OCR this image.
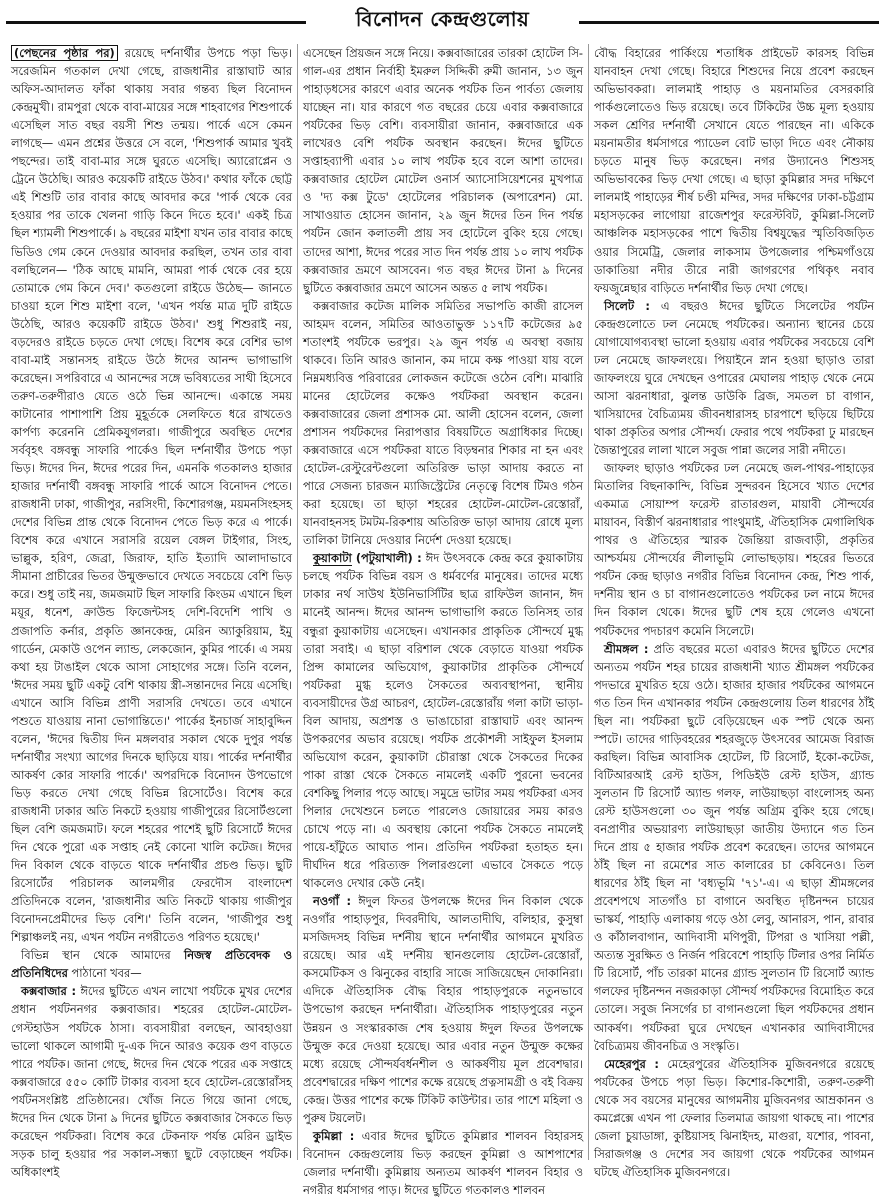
বিনোদন কেন্দ্রগুলোয়

(পেছনের পৃষ্ঠার পর) রয়েছে দর্শনার্থীর উপচে পড়া ভিড়। সরেজমিন গতকাল দেখা গেছে, রাজধানীর রাস্তাঘাট আর অফিস-আদালত ফাঁকা থাকায় সবার গন্তব্য ছিল বিনোদন কেন্দ্রমুখী। রামপুরা থেকে বাবা-মায়ের সঙ্গে শাহবাগের শিশুপার্কে এসেছিল সাত বছর বয়সী শিশু তন্ময়। পার্কে এসে কেমন লাগছে— এমন প্রশ্নের উত্তরে সে বলে, 'শিশুপার্ক আমার খুবই পছন্দের। তাই বাবা-মার সঙ্গে ঘুরতে এসেছি। অ্যারোপ্লেন ও ট্রেনে উঠেছি। আরও কয়েকটি রাইডে উঠব।' কথার ফাঁকে ছোট্ট এই শিশুটি তার বাবার কাছে আবদার করে 'পার্ক থেকে বের হওয়ার পর তাকে খেলনা গাড়ি কিনে দিতে হবে।' একই চিত্র ছিল শ্যামলী শিশুপার্কে। ৯ বছরের মাইশা যখন তার বাবার কাছে ভিডিও গেম কেনে দেওয়ার আবদার করছিল, তখন তার বাবা বলছিলেন— 'ঠিক আছে মামনি, আমরা পার্ক থেকে বের হয়ে তোমাকে গেম কিনে দেব।' কতগুলো রাইডে উঠেছ— জানতে চাওয়া হলে শিশু মাইশা বলে, 'এখন পর্যন্ত মাত্র দুটি রাইডে উঠেছি, আরও কয়েকটি রাইডে উঠব।' শুধু শিশুরাই নয়, বড়দেরও রাইডে চড়তে দেখা গেছে। বিশেষ করে বেশির ভাগ বাবা-মাই সন্তানসহ রাইডে উঠে ঈদের আনন্দ ভাগাভাগি করেছেন। সপরিবারে এ আনন্দের সঙ্গে ভবিষ্যতের সাথী হিসেবে তরুণ-তরুণীরাও যেতে ওঠে ভিন্ন আনন্দে। একান্তে সময় কাটানোর পাশাপাশি প্রিয় মুহূর্তকে সেলফিতে ধরে রাখতেও কার্পণ্য করেননি প্রেমিকযুগলরা। গাজীপুরে অবস্থিত দেশের সর্ববৃহৎ বঙ্গবন্ধু সাফারি পার্কেও ছিল দর্শনার্থীর উপচে পড়া ভিড়। ঈদের দিন, ঈদের পরের দিন, এমনকি গতকালও হাজার হাজার দর্শনার্থী বঙ্গবন্ধু সাফারি পার্কে আসে বিনোদন পেতে। রাজধানী ঢাকা, গাজীপুর, নরসিংদী, কিশোরগঞ্জ, ময়মনসিংহসহ দেশের বিভিন্ন প্রান্ত থেকে বিনোদন পেতে ভিড় করে এ পার্কে। বিশেষ করে এখানে সরাসরি রয়েল বেঙ্গল টাইগার, সিংহ, ভাল্লুক, হরিণ, জেব্রা, জিরাফ, হাতি ইত্যাদি আলাদাভাবে সীমানা প্রাচীরের ভিতর উন্মুক্তভাবে দেখতে সবচেয়ে বেশি ভিড় করে। শুধু তাই নয়, জমজমাট ছিল সাফারি কিংডম এখানে ছিল ময়ূর, ধনেশ, ক্রাউন্ড ফিজেন্টসহ দেশি-বিদেশি পাখি ও প্রজাপতি কর্নার, প্রকৃতি জ্ঞানকেন্দ্র, মেরিন অ্যাকুরিয়াম, ইমু গার্ডেন, মেকাউ ওপেন ল্যান্ড, লেকজোন, কুমির পার্কে। এ সময় কথা হয় টাঙাইল থেকে আসা সোহাগের সঙ্গে। তিনি বলেন, 'ঈদের সময় ছুটি একটু বেশি থাকায় স্ত্রী-সন্তানদের নিয়ে এসেছি। এখানে আসি বিভিন্ন প্রাণী সরাসরি দেখতে। তবে এখানে পশুতে যাওয়ায় নানা ভোগান্তিতে।' পার্কের ইনচার্জ সাহাবুদ্দিন বলেন, 'ঈদের দ্বিতীয় দিন মঙ্গলবার সকাল থেকে দুপুর পর্যন্ত দর্শনার্থীর সংখ্যা আগের দিনকে ছাড়িয়ে যায়। পার্কের দর্শনার্থীর আকর্ষণ কোর সাফারি পার্কে।' অপরদিকে বিনোদন উপভোগে ভিড় করতে দেখা গেছে বিভিন্ন রিসোর্টেও। বিশেষ করে রাজধানী ঢাকার অতি নিকটে হওয়ায় গাজীপুরের রিসোর্টগুলো ছিল বেশি জমজমাট। ফলে শহরের পাশেই ছুটি রিসোর্টে ঈদের দিন থেকে পুরো এক সপ্তাহ নেই কোনো খালি কটেজ। ঈদের দিন বিকাল থেকে বাড়তে থাকে দর্শনার্থীর প্রচণ্ড ভিড়। ছুটি রিসোর্টের পরিচালক আলমগীর ফেরদৌস বাংলাদেশ প্রতিদিনকে বলেন, 'রাজধানীর অতি নিকটে থাকায় গাজীপুর বিনোদনপ্রেমীদের ভিড় বেশি।' তিনি বলেন, 'গাজীপুর শুধু শিল্পাঞ্চলই নয়, এখন পর্যটন নগরীতেও পরিণত হয়েছে।'

বিভিন্ন স্থান থেকে আমাদের নিজস্ব প্রতিবেদক ও প্রতিনিধিদের পাঠানো খবর—

কক্সবাজার : ঈদের ছুটিতে এখন লাখো পর্যটকে মুখর দেশের প্রধান পর্যটননগর কক্সবাজার। শহরের হোটেল-মোটেল-গেস্টহাউস পর্যটকে ঠাসা। ব্যবসায়ীরা বলছেন, আবহাওয়া ভালো থাকলে আগামী দু-এক দিনে আরও কয়েক গুণ বাড়তে পারে পর্যটক। জানা গেছে, ঈদের দিন থেকে পরের এক সপ্তাহে কক্সবাজারে ৫৫০ কোটি টাকার ব্যবসা হবে হোটেল-রেস্তোরাঁসহ পর্যটনসংশ্লিষ্ট প্রতিষ্ঠানের। খোঁজ নিতে গিয়ে জানা গেছে, ঈদের দিন থেকে টানা ৯ দিনের ছুটিতে কক্সবাজার সৈকতে ভিড় করেছেন পর্যটকরা। বিশেষ করে টেকনাফ পর্যন্ত মেরিন ড্রাইভ সড়ক চালু হওয়ার পর সকাল-সন্ধ্যা ছুটে বেড়াচ্ছেন পর্যটক। অধিকাংশই

এসেছেন প্রিয়জন সঙ্গে নিয়ে। কক্সবাজারের তারকা হোটেল সি-গাল-এর প্রধান নির্বাহী ইমরুল সিদ্দিকী রুমী জানান, ১৩ জুন পাহাড়ধসের কারণে এবার অনেক পর্যটক তিন পার্বত্য জেলায় যাচ্ছেন না। যার কারণে গত বছরের চেয়ে এবার কক্সবাজারে পর্যটকের ভিড় বেশি। ব্যবসায়ীরা জানান, কক্সবাজারে এক লাখেরও বেশি পর্যটক অবস্থান করছেন। ঈদের ছুটিতে সপ্তাহব্যাপী এবার ১০ লাখ পর্যটক হবে বলে আশা তাদের। কক্সবাজার হোটেল মোটেল ওনার্স অ্যাসোসিয়েশনের মুখপাত্র ও 'দ্য কক্স টুডে' হোটেলের পরিচালক (অপারেশন) মো. সাখাওয়াত হোসেন জানান, ২৯ জুন ঈদের তিন দিন পর্যন্ত পর্যটন জোন কলাতলী প্রায় সব হোটেলে বুকিং হয়ে গেছে। তাদের আশা, ঈদের পরের সাত দিন পর্যন্ত প্রায় ১০ লাখ পর্যটক কক্সবাজার ভ্রমণে আসবেন। গত বছর ঈদের টানা ৯ দিনের ছুটিতে কক্সবাজার ভ্রমণে আসেন অন্তত ৫ লাখ পর্যটক।

কক্সবাজার কটেজ মালিক সমিতির সভাপতি কাজী রাসেল আহমদ বলেন, সমিতির আওতাভুক্ত ১১৭টি কটেজের ৯৫ শতাংশই পর্যটকে ভরপুর। ২৯ জুন পর্যন্ত এ অবস্থা বজায় থাকবে। তিনি আরও জানান, কম দামে কক্ষ পাওয়া যায় বলে নিম্নমধ্যবিত্ত পরিবারের লোকজন কটেজে ওঠেন বেশি। মাঝারি মানের হোটেলের কক্ষেও পর্যটকরা অবস্থান করেন। কক্সবাজারের জেলা প্রশাসক মো. আলী হোসেন বলেন, জেলা প্রশাসন পর্যটকদের নিরাপত্তার বিষয়টিতে অগ্রাধিকার দিচ্ছে। কক্সবাজারে এসে পর্যটকরা যাতে বিড়ম্বনার শিকার না হন এবং হোটেল-রেস্টুরেন্টগুলো অতিরিক্ত ভাড়া আদায় করতে না পারে সেজন্য চারজন ম্যাজিস্ট্রেটের নেতৃত্বে বিশেষ টিমও গঠন করা হয়েছে। তা ছাড়া শহরের হোটেল-মোটেল-রেস্তোরাঁ, যানবাহনসহ টমটম-রিকশায় অতিরিক্ত ভাড়া আদায় রোধে মূল্য তালিকা টানিয়ে দেওয়ার নির্দেশ দেওয়া হয়েছে।

কুয়াকাটা (পটুয়াখালী) : ঈদ উৎসবকে কেন্দ্র করে কুয়াকাটায় চলছে পর্যটক বিভিন্ন বয়স ও ধর্মবর্ণের মানুষের। তাদের মধ্যে ঢাকার নর্থ সাউথ ইউনিভার্সিটির ছাত্র রাফিউল জানান, ঈদ মানেই আনন্দ। ঈদের আনন্দ ভাগাভাগি করতে তিনিসহ তার বন্ধুরা কুয়াকাটায় এসেছেন। এখানকার প্রাকৃতিক সৌন্দর্যে মুগ্ধ তারা সবাই। এ ছাড়া বরিশাল থেকে বেড়াতে যাওয়া পর্যটক প্রিন্স কামালের অভিযোগ, কুয়াকাটার প্রাকৃতিক সৌন্দর্যে পর্যটকরা মুগ্ধ হলেও সৈকতের অব্যবস্থাপনা, স্থানীয় ব্যবসায়ীদের উগ্র আচরণ, হোটেল-রেস্তোরাঁয় গলা কাটা ভাড়া-বিল আদায়, অপ্রশস্ত ও ভাঙাচোরা রাস্তাঘাট এবং আনন্দ উপকরণের অভাব রয়েছে। পর্যটক প্রকৌশলী সাইফুল ইসলাম অভিযোগ করেন, কুয়াকাটা চৌরাস্তা থেকে সৈকতের দিকের পাকা রাস্তা থেকে সৈকতে নামলেই একটি পুরনো ভবনের বেশকিছু পিলার পড়ে আছে। সমুদ্রে ভাটার সময় পর্যটকরা এসব পিলার দেখেশুনে চলতে পারলেও জোয়ারের সময় কারও চোখে পড়ে না। এ অবস্থায় কোনো পর্যটক সৈকতে নামলেই পায়ে-হাঁটুতে আঘাত পান। প্রতিদিন পর্যটকরা হতাহত হন। দীর্ঘদিন ধরে পরিত্যক্ত পিলারগুলো এভাবে সৈকতে পড়ে থাকলেও দেখার কেউ নেই।

নওগাঁ : ঈদুল ফিতর উপলক্ষে ঈদের দিন বিকাল থেকে নওগাঁর পাহাড়পুর, দিবরদীঘি, আলতাদীঘি, বলিহার, কুসুম্বা মসজিদসহ বিভিন্ন দর্শনীয় স্থানে দর্শনার্থীর আগমনে মুখরিত রয়েছে। আর এই দর্শনীয় স্থানগুলোয় হোটেল-রেস্তোরাঁ, কসমেটিকস ও ঝিনুকের বাহারি সাজে সাজিয়েছেন দোকানিরা। এদিকে ঐতিহাসিক বৌদ্ধ বিহার পাহাড়পুরকে নতুনভাবে উপভোগ করছেন দর্শনার্থীরা। ঐতিহাসিক পাহাড়পুরের নতুন উন্নয়ন ও সংস্কারকাজ শেষ হওয়ায় ঈদুল ফিতর উপলক্ষে উন্মুক্ত করে দেওয়া হয়েছে। আর এবার নতুন উন্মুক্ত কক্ষের মধ্যে রয়েছে সৌন্দর্যবর্ধনশীল ও আকর্ষণীয় মূল প্রবেশদ্বার। প্রবেশদ্বারের দক্ষিণ পাশের কক্ষে রয়েছে প্রত্নসামগ্রী ও বই বিক্রয় কেন্দ্র। উত্তর পাশের কক্ষে টিকিট কাউন্টার। তার পাশে মহিলা ও পুরুষ টয়লেট।

কুমিল্লা : এবার ঈদের ছুটিতে কুমিল্লার শালবন বিহারসহ বিনোদন কেন্দ্রগুলোয় ভিড় করছেন কুমিল্লা ও আশপাশের জেলার দর্শনার্থী। কুমিল্লায় অন্যতম আকর্ষণ শালবন বিহার ও নগরীর ধর্মসাগর পাড়। ঈদের ছুটিতে গতকালও শালবন

বৌদ্ধ বিহারের পার্কিংয়ে শতাধিক প্রাইভেট কারসহ বিভিন্ন যানবাহন দেখা গেছে। বিহারে শিশুদের নিয়ে প্রবেশ করছেন অভিভাবকরা। লালমাই পাহাড় ও ময়নামতির বেসরকারি পার্কগুলোতেও ভিড় রয়েছে। তবে টিকিটের উচ্চ মূল্য হওয়ায় সকল শ্রেণির দর্শনার্থী সেখানে যেতে পারছেন না। একিকে ময়নামতীর ধর্মসাগরে প্যাডেল বোট ভাড়া দিতে এবং নৌকায় চড়তে মানুষ ভিড় করেছেন। নগর উদ্যানেও শিশুসহ অভিভাবকের ভিড় দেখা গেছে। এ ছাড়া কুমিল্লার সদর দক্ষিণে লালমাই পাহাড়ের শীর্ষ চণ্ডী মন্দির, সদর দক্ষিণের ঢাকা-চট্টগ্রাম মহাসড়কের লাগোয়া রাজেশপুর ফরেস্টবিট, কুমিল্লা-সিলেট আঞ্চলিক মহাসড়কের পাশে দ্বিতীয় বিশ্বযুদ্ধের স্মৃতিবিজড়িত ওয়ার সিমেট্রি, জেলার লাকসাম উপজেলার পশ্চিমগাঁওয়ে ডাকাতিয়া নদীর তীরে নারী জাগরণের পথিকৃৎ নবাব ফয়জুন্নেছার বাড়িতে দর্শনার্থীর ভিড় দেখা গেছে।

সিলেট : এ বছরও ঈদের ছুটিতে সিলেটের পর্যটন কেন্দ্রগুলোতে ঢল নেমেছে পর্যটকের। অন্যান্য স্থানের চেয়ে যোগাযোগব্যবস্থা ভালো হওয়ায় এবার পর্যটকের সবচেয়ে বেশি ঢল নেমেছে জাফলংয়ে। পিয়াইনে স্নান হওয়া ছাড়াও তারা জাফলংয়ে ঘুরে দেখছেন ওপারের মেঘালয় পাহাড় থেকে নেমে আসা ঝরনাধারা, ঝুলন্ত ডাউকি ব্রিজ, সমতল চা বাগান, খাসিয়াদের বৈচিত্র্যময় জীবনধারাসহ চারপাশে ছড়িয়ে ছিটিয়ে থাকা প্রকৃতির অপার সৌন্দর্য। ফেরার পথে পর্যটকরা ঢু মারছেন জৈন্তাপুরের লালা খালে সবুজ পান্না জলের সারী নদীতে।

জাফলং ছাড়াও পর্যটকের ঢল নেমেছে জল-পাথর-পাহাড়ের মিতালির বিছনাকান্দি, বিভিন্ন সুন্দরবন হিসেবে খ্যাত দেশের একমাত্র সোয়াম্প ফরেস্ট রাতারগুল, মায়াবী সৌন্দর্যের মায়াবন, বিস্তীর্ণ ঝরনাধারার পাংথুমাই, ঐতিহাসিক মেগালিথিক পাথর ও ঐতিহ্যের স্মারক জৈন্তিয়া রাজবাড়ী, প্রকৃতির আশ্চর্যময় সৌন্দর্যের লীলাভূমি লোভাছড়ায়। শহরের ভিতরে পর্যটন কেন্দ্র ছাড়াও নগরীর বিভিন্ন বিনোদন কেন্দ্র, শিশু পার্ক, দর্শনীয় স্থান ও চা বাগানগুলোতেও পর্যটকের ঢল নামে ঈদের দিন বিকাল থেকে। ঈদের ছুটি শেষ হয়ে গেলেও এখনো পর্যটকদের পদচারণ কমেনি সিলেটে।

শ্রীমঙ্গল : প্রতি বছরের মতো এবারও ঈদের ছুটিতে দেশের অন্যতম পর্যটন শহর চায়ের রাজধানী খ্যাত শ্রীমঙ্গল পর্যটকের পদভারে মুখরিত হয়ে ওঠে। হাজার হাজার পর্যটকের আগমনে গত তিন দিন এখানকার পর্যটন কেন্দ্রগুলোয় তিল ধারণের ঠাঁই ছিল না। পর্যটকরা ছুটে বেড়িয়েছেন এক স্পট থেকে অন্য স্পটে। তাদের গাড়িবহরের শহরজুড়ে উৎসবের আমেজ বিরাজ করছিল। বিভিন্ন আবাসিক হোটেল, টি রিসোর্ট, ইকো-কটেজ, বিটিআরআই রেস্ট হাউস, পিডিইউ রেস্ট হাউস, গ্র্যান্ড সুলতান টি রিসোর্ট অ্যান্ড গলফ, লাউয়াছড়া বাংলোসহ অন্য রেস্ট হাউসগুলো ৩০ জুন পর্যন্ত অগ্রিম বুকিং হয়ে গেছে। বনপ্রাণীর অভয়ারণ্য লাউয়াছড়া জাতীয় উদ্যানে গত তিন দিনে প্রায় ৫ হাজার পর্যটক প্রবেশ করেছেন। তাদের আগমনে ঠাঁই ছিল না রমেশের সাত কালারের চা কেবিনেও। তিল ধারণের ঠাঁই ছিল না 'বধ্যভূমি '৭১'-এ। এ ছাড়া শ্রীমঙ্গলের প্রবেশপথে সাতগাঁও চা বাগানে অবস্থিত দৃষ্টিনন্দন চায়ের ভাস্কর্য, পাহাড়ি এলাকায় গড়ে ওঠা লেবু, আনারস, পান, রাবার ও কাঁঠালবাগান, আদিবাসী মণিপুরী, টিপরা ও খাসিয়া পল্লী, অত্যন্ত সুরক্ষিত ও নির্জন পরিবেশে পাহাড়ি টিলার ওপর নির্মিত টি রিসোর্ট, পাঁচ তারকা মানের গ্র্যান্ড সুলতান টি রিসোর্ট অ্যান্ড গলফের দৃষ্টিনন্দন নজরকাড়া সৌন্দর্য পর্যটকদের বিমোহিত করে তোলে। সবুজ নিসর্গের চা বাগানগুলো ছিল পর্যটকদের প্রধান আকর্ষণ। পর্যটকরা ঘুরে দেখছেন এখানকার আদিবাসীদের বৈচিত্র্যময় জীবনচিত্র ও সংস্কৃতি।

মেহেরপুর : মেহেরপুরের ঐতিহাসিক মুজিবনগরে রয়েছে পর্যটকের উপচে পড়া ভিড়। কিশোর-কিশোরী, তরুণ-তরুণী থেকে সব বয়সের মানুষের আগমনীয় মুজিবনগর আম্রকানন ও কমপ্লেক্সে এখন পা ফেলার তিলমাত্র জায়গা থাকছে না। পাশের জেলা চুয়াডাঙ্গা, কুষ্টিয়াসহ ঝিনাইদহ, মাগুরা, যশোর, পাবনা, সিরাজগঞ্জ ও দেশের সব জায়গা থেকে পর্যটকের আগমন ঘটছে ঐতিহাসিক মুজিবনগরে।
